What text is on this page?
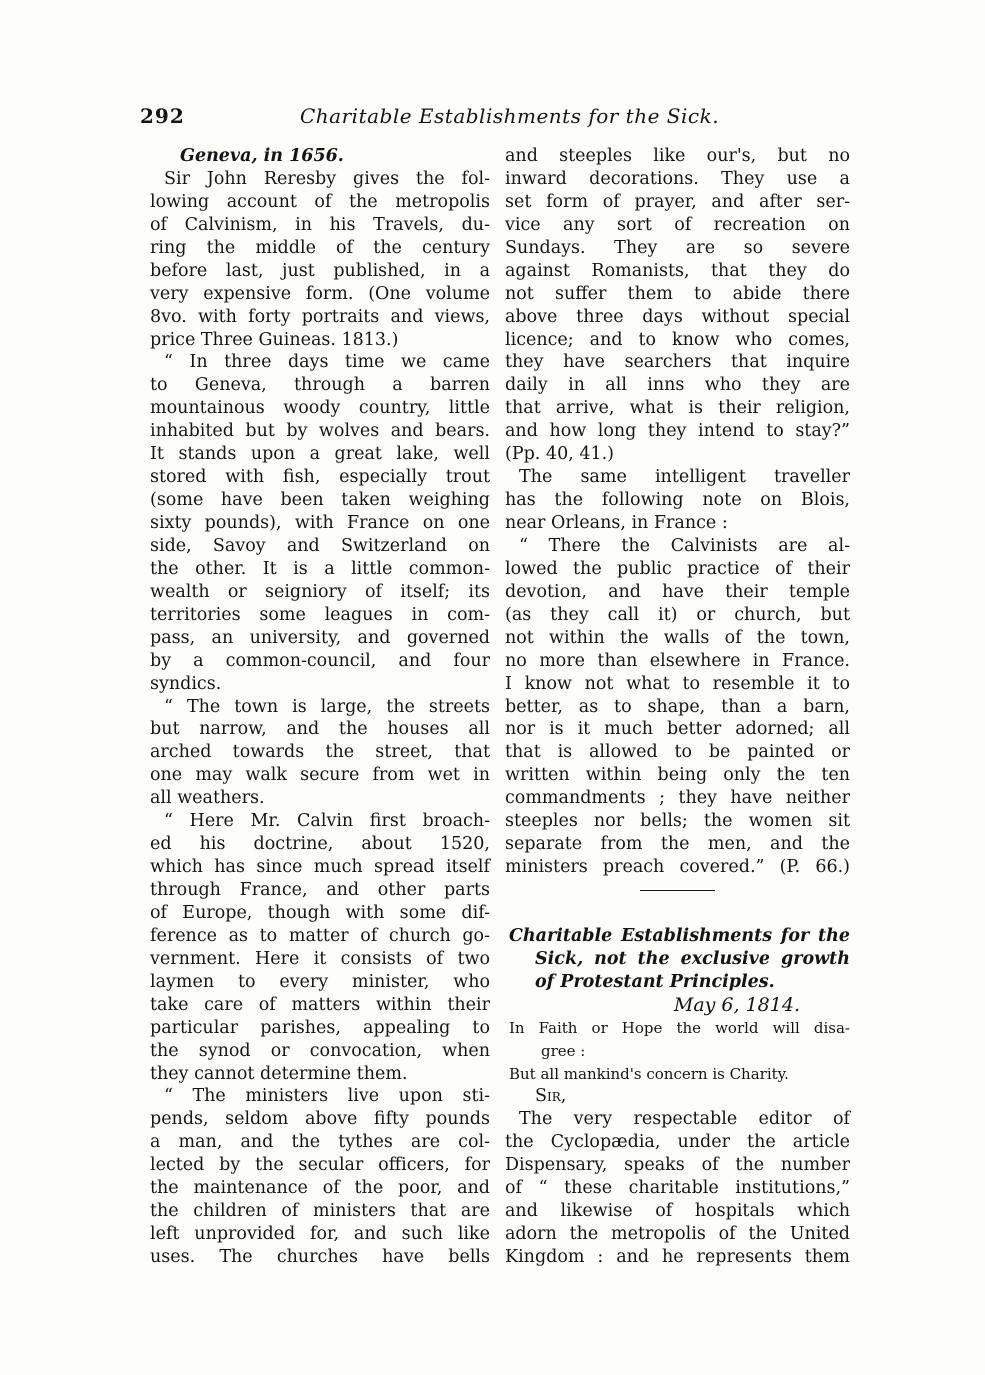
292	Charitable Establishments for the Sick.
Geneva, in 1656.
Sir John Reresby gives the fol-
lowing account of the metropolis
of Calvinism, in his Travels, du-
ring the middle of the century
before last, just published, in a
very expensive form. (One volume
8vo. with forty portraits and views,
price Three Guineas. 1813.)
“ In three days time we came
to Geneva, through a barren
mountainous woody country, little
inhabited but by wolves and bears.
It stands upon a great lake, well
stored with fish, especially trout
(some have been taken weighing
sixty pounds), with France on one
side, Savoy and Switzerland on
the other. It is a little common-
wealth or seigniory of itself; its
territories some leagues in com-
pass, an university, and governed
by a common-council, and four
syndics.
“ The town is large, the streets
but narrow, and the houses all
arched towards the street, that
one may walk secure from wet in
all weathers.
“ Here Mr. Calvin first broach-
ed his doctrine, about 1520,
which has since much spread itself
through France, and other parts
of Europe, though with some dif-
ference as to matter of church go-
vernment. Here it consists of two
laymen to every minister, who
take care of matters within their
particular parishes, appealing to
the synod or convocation, when
they cannot determine them.
“ The ministers live upon sti-
pends, seldom above fifty pounds
a man, and the tythes are col-
lected by the secular officers, for
the maintenance of the poor, and
the children of ministers that are
left unprovided for, and such like
uses. The churches have bells
and steeples like our's, but no
inward decorations. They use a
set form of prayer, and after ser-
vice any sort of recreation on
Sundays. They are so severe
against Romanists, that they do
not suffer them to abide there
above three days without special
licence; and to know who comes,
they have searchers that inquire
daily in all inns who they are
that arrive, what is their religion,
and how long they intend to stay?”
(Pp. 40, 41.)
The same intelligent traveller
has the following note on Blois,
near Orleans, in France :
“ There the Calvinists are al-
lowed the public practice of their
devotion, and have their temple
(as they call it) or church, but
not within the walls of the town,
no more than elsewhere in France.
I know not what to resemble it to
better, as to shape, than a barn,
nor is it much better adorned; all
that is allowed to be painted or
written within being only the ten
commandments ; they have neither
steeples nor bells; the women sit
separate from the men, and the
ministers preach covered.” (P. 66.)
Charitable Establishments for the
Sick, not the exclusive growth
of Protestant Principles.
May 6, 1814.
In Faith or Hope the world will disa-
gree :
But all mankind's concern is Charity.
Sir,
The very respectable editor of
the Cyclopædia, under the article
Dispensary, speaks of the number
of “ these charitable institutions,”
and likewise of hospitals which
adorn the metropolis of the United
Kingdom : and he represents them
